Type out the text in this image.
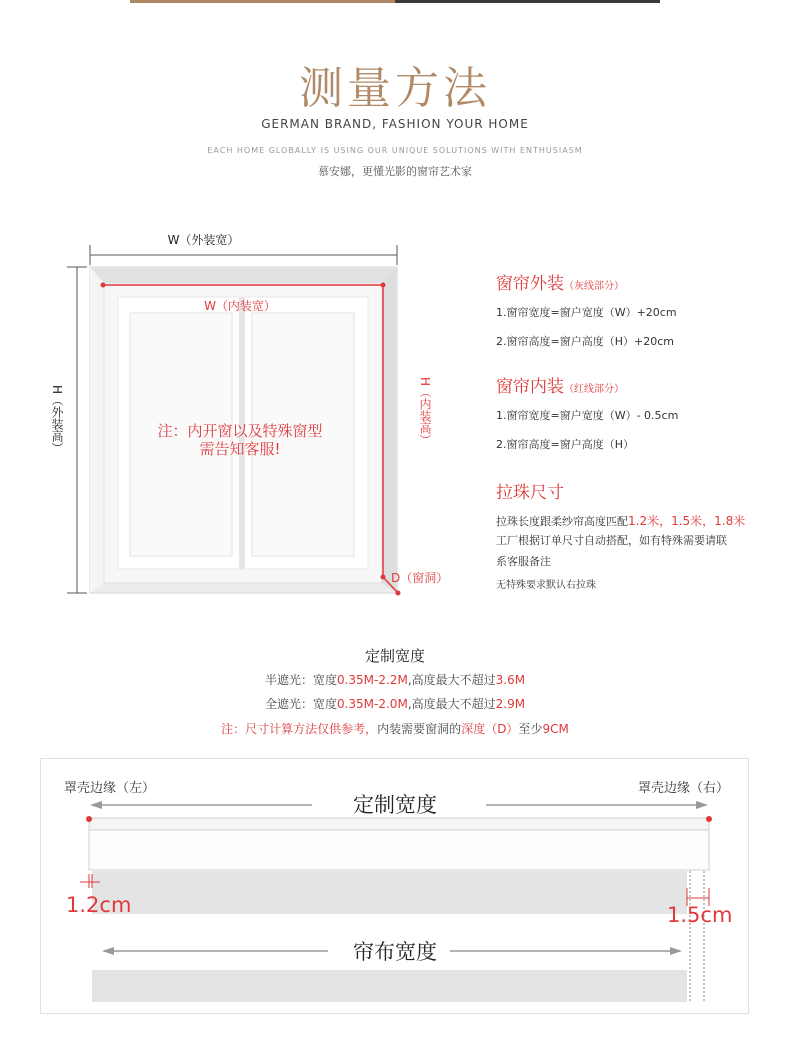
测量方法
GERMAN BRAND, FASHION YOUR HOME
EACH HOME GLOBALLY IS USING OUR UNIQUE SOLUTIONS WITH ENTHUSIASM
慕安娜，更懂光影的窗帘艺术家
W（外装宽）
W（内装宽）
H（外装高）	H（内装高）
D（窗洞）
注：内开窗以及特殊窗型
需告知客服!
窗帘外装（灰线部分）
1.窗帘宽度=窗户宽度（W）+20cm
2.窗帘高度=窗户高度（H）+20cm
窗帘内装（红线部分）
1.窗帘宽度=窗户宽度（W）- 0.5cm
2.窗帘高度=窗户高度（H）
拉珠尺寸
拉珠长度跟柔纱帘高度匹配1.2米，1.5米，1.8米
工厂根据订单尺寸自动搭配，如有特殊需要请联
系客服备注
无特殊要求默认右拉珠
定制宽度
半遮光：宽度0.35M-2.2M,高度最大不超过3.6M
全遮光：宽度0.35M-2.0M,高度最大不超过2.9M
注：尺寸计算方法仅供参考，内装需要窗洞的深度（D）至少9CM
罩壳边缘（左）	罩壳边缘（右）
定制宽度
帘布宽度
1.2cm	1.5cm
